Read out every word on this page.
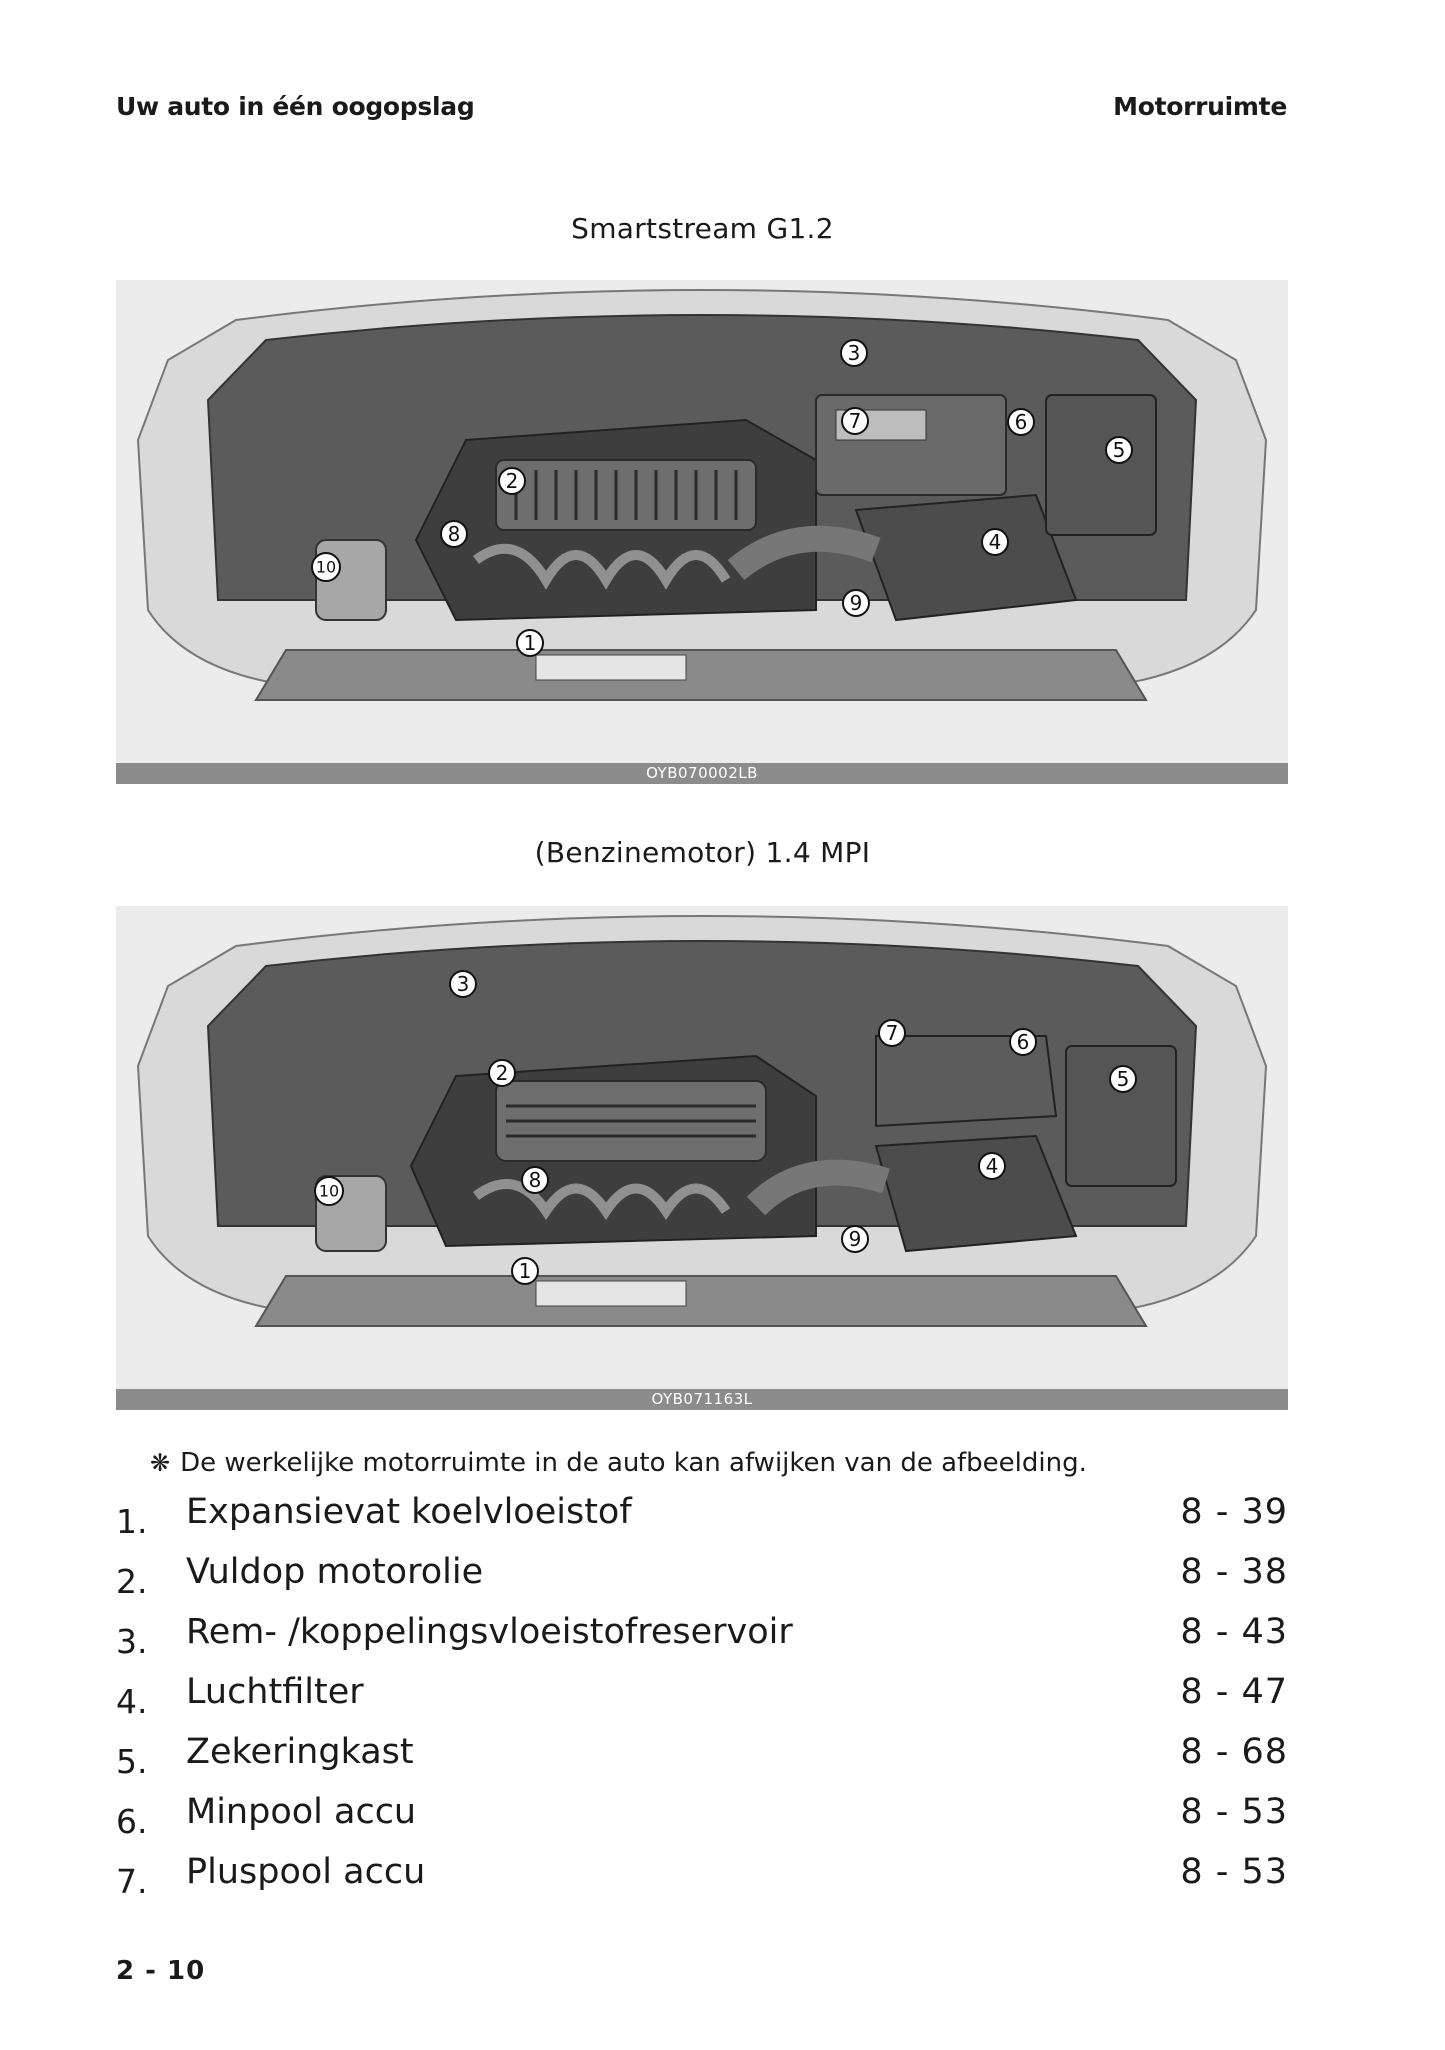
Uw auto in één oogopslag	Motorruimte
Smartstream G1.2
1
2
3
4
5
6
7
8
9
10
OYB070002LB
(Benzinemotor) 1.4 MPI
1
2
3
4
5
6
7
8
9
10
OYB071163L
❋ De werkelijke motorruimte in de auto kan afwijken van de afbeelding.
1. Expansievat koelvloeistof	8 - 39
2. Vuldop motorolie	8 - 38
3. Rem- /koppelingsvloeistofreservoir	8 - 43
4. Luchtfilter	8 - 47
5. Zekeringkast	8 - 68
6. Minpool accu	8 - 53
7. Pluspool accu	8 - 53
2 - 10
